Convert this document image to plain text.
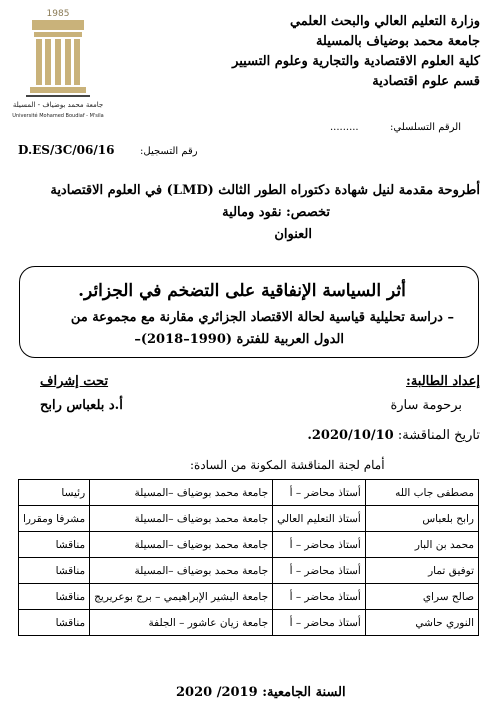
1985
جامعة محمد بوضياف - المسيلة
Université Mohamed Boudiaf - M'sila
وزارة التعليم العالي والبحث العلمي
جامعة محمد بوضياف بالمسيلة
كلية العلوم الاقتصادية والتجارية وعلوم التسيير
قسم علوم اقتصادية
الرقم التسلسلي:
.........
رقم التسجيل:
D.ES/3C/06/16
أطروحة مقدمة لنيل شهادة دكتوراه الطور الثالث (LMD) في العلوم الاقتصادية
تخصص: نقود ومالية
العنوان
أثر السياسة الإنفاقية على التضخم في الجزائر.
– دراسة تحليلية قياسية لحالة الاقتصاد الجزائري مقارنة مع مجموعة من
الدول العربية للفترة (1990–2018)–
إعداد الطالبة:
برحومة سارة
تحت إشراف
أ.د بلعباس رابح
تاريخ المناقشة: 2020/10/10.
أمام لجنة المناقشة المكونة من السادة:
مصطفى جاب الله	أستاذ محاضر – أ	جامعة محمد بوضياف –المسيلة	رئيسا
رابح بلعباس	أستاذ التعليم العالي	جامعة محمد بوضياف –المسيلة	مشرفا ومقررا
محمد بن البار	أستاذ محاضر – أ	جامعة محمد بوضياف –المسيلة	مناقشا
توفيق تمار	أستاذ محاضر – أ	جامعة محمد بوضياف –المسيلة	مناقشا
صالح سراي	أستاذ محاضر – أ	جامعة البشير الإبراهيمي – برج بوعريريج	مناقشا
النوري حاشي	أستاذ محاضر – أ	جامعة زيان عاشور – الجلفة	مناقشا
السنة الجامعية: 2019/ 2020
